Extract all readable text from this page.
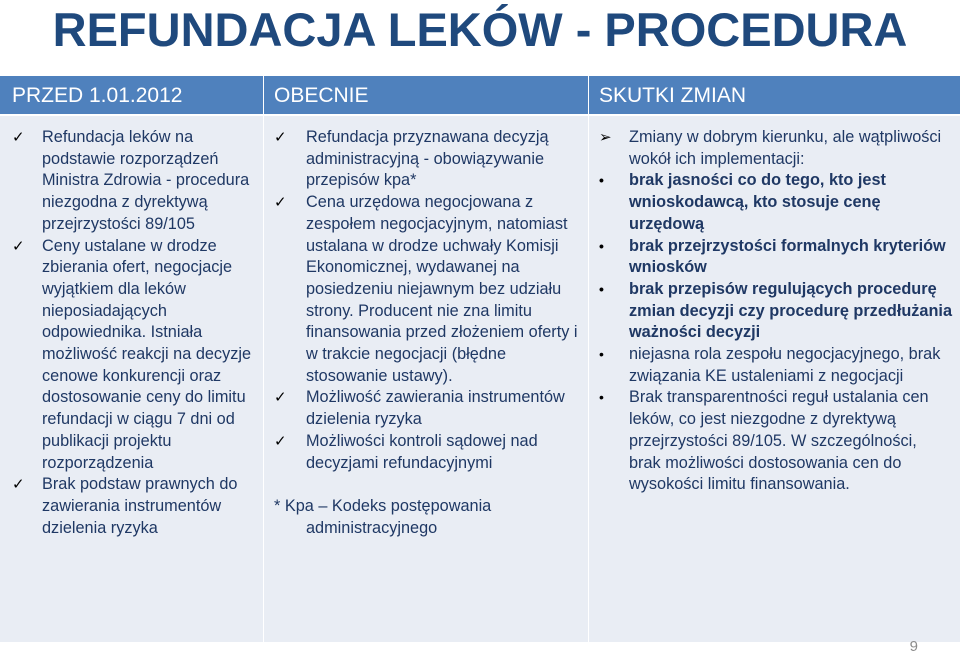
REFUNDACJA LEKÓW - PROCEDURA
PRZED 1.01.2012	OBECNIE	SKUTKI ZMIAN
✓ Refundacja leków na podstawie rozporządzeń Ministra Zdrowia - procedura niezgodna z dyrektywą przejrzystości 89/105
✓ Ceny ustalane w drodze zbierania ofert, negocjacje wyjątkiem dla leków nieposiadających odpowiednika. Istniała możliwość reakcji na decyzje cenowe konkurencji oraz dostosowanie ceny do limitu refundacji w ciągu 7 dni od publikacji projektu rozporządzenia
✓ Brak podstaw prawnych do zawierania instrumentów dzielenia ryzyka
✓ Refundacja przyznawana decyzją administracyjną - obowiązywanie przepisów kpa*
✓ Cena urzędowa negocjowana z zespołem negocjacyjnym, natomiast ustalana w drodze uchwały Komisji Ekonomicznej, wydawanej na posiedzeniu niejawnym bez udziału strony. Producent nie zna limitu finansowania przed złożeniem oferty i w trakcie negocjacji (błędne stosowanie ustawy).
✓ Możliwość zawierania instrumentów dzielenia ryzyka
✓ Możliwości kontroli sądowej nad decyzjami refundacyjnymi
* Kpa – Kodeks postępowania
administracyjnego
➢ Zmiany w dobrym kierunku, ale wątpliwości wokół ich implementacji:
• brak jasności co do tego, kto jest wnioskodawcą, kto stosuje cenę urzędową
• brak przejrzystości formalnych kryteriów wniosków
• brak przepisów regulujących procedurę zmian decyzji czy procedurę przedłużania ważności decyzji
• niejasna rola zespołu negocjacyjnego, brak związania KE ustaleniami z negocjacji
• Brak transparentności reguł ustalania cen leków, co jest niezgodne z dyrektywą przejrzystości 89/105. W szczególności, brak możliwości dostosowania cen do wysokości limitu finansowania.
9
